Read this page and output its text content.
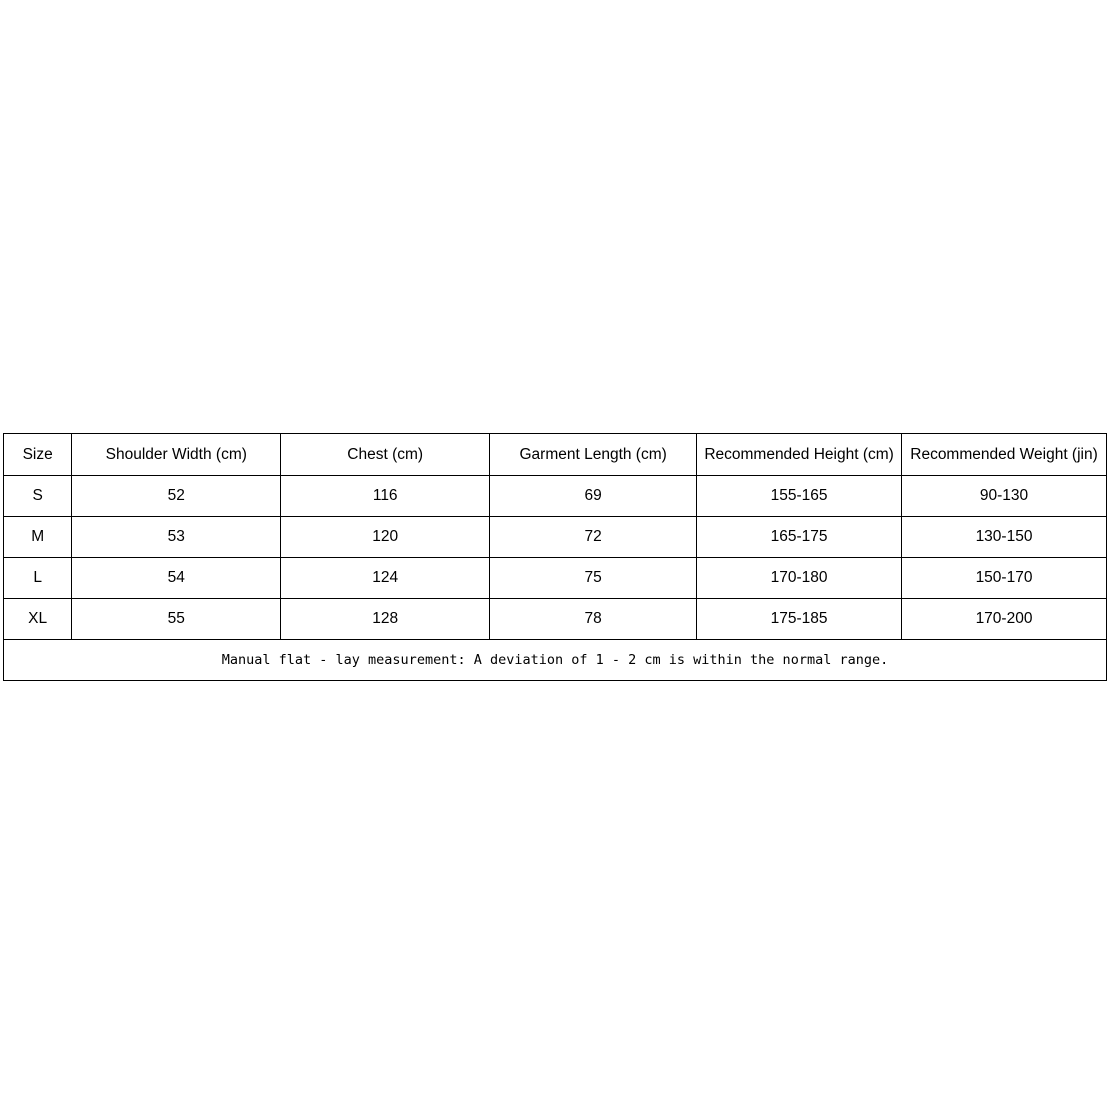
Size	Shoulder Width (cm)	Chest (cm)	Garment Length (cm)	Recommended Height (cm)	Recommended Weight (jin)
S	52	116	69	155-165	90-130
M	53	120	72	165-175	130-150
L	54	124	75	170-180	150-170
XL	55	128	78	175-185	170-200
Manual flat - lay measurement: A deviation of 1 - 2 cm is within the normal range.					
